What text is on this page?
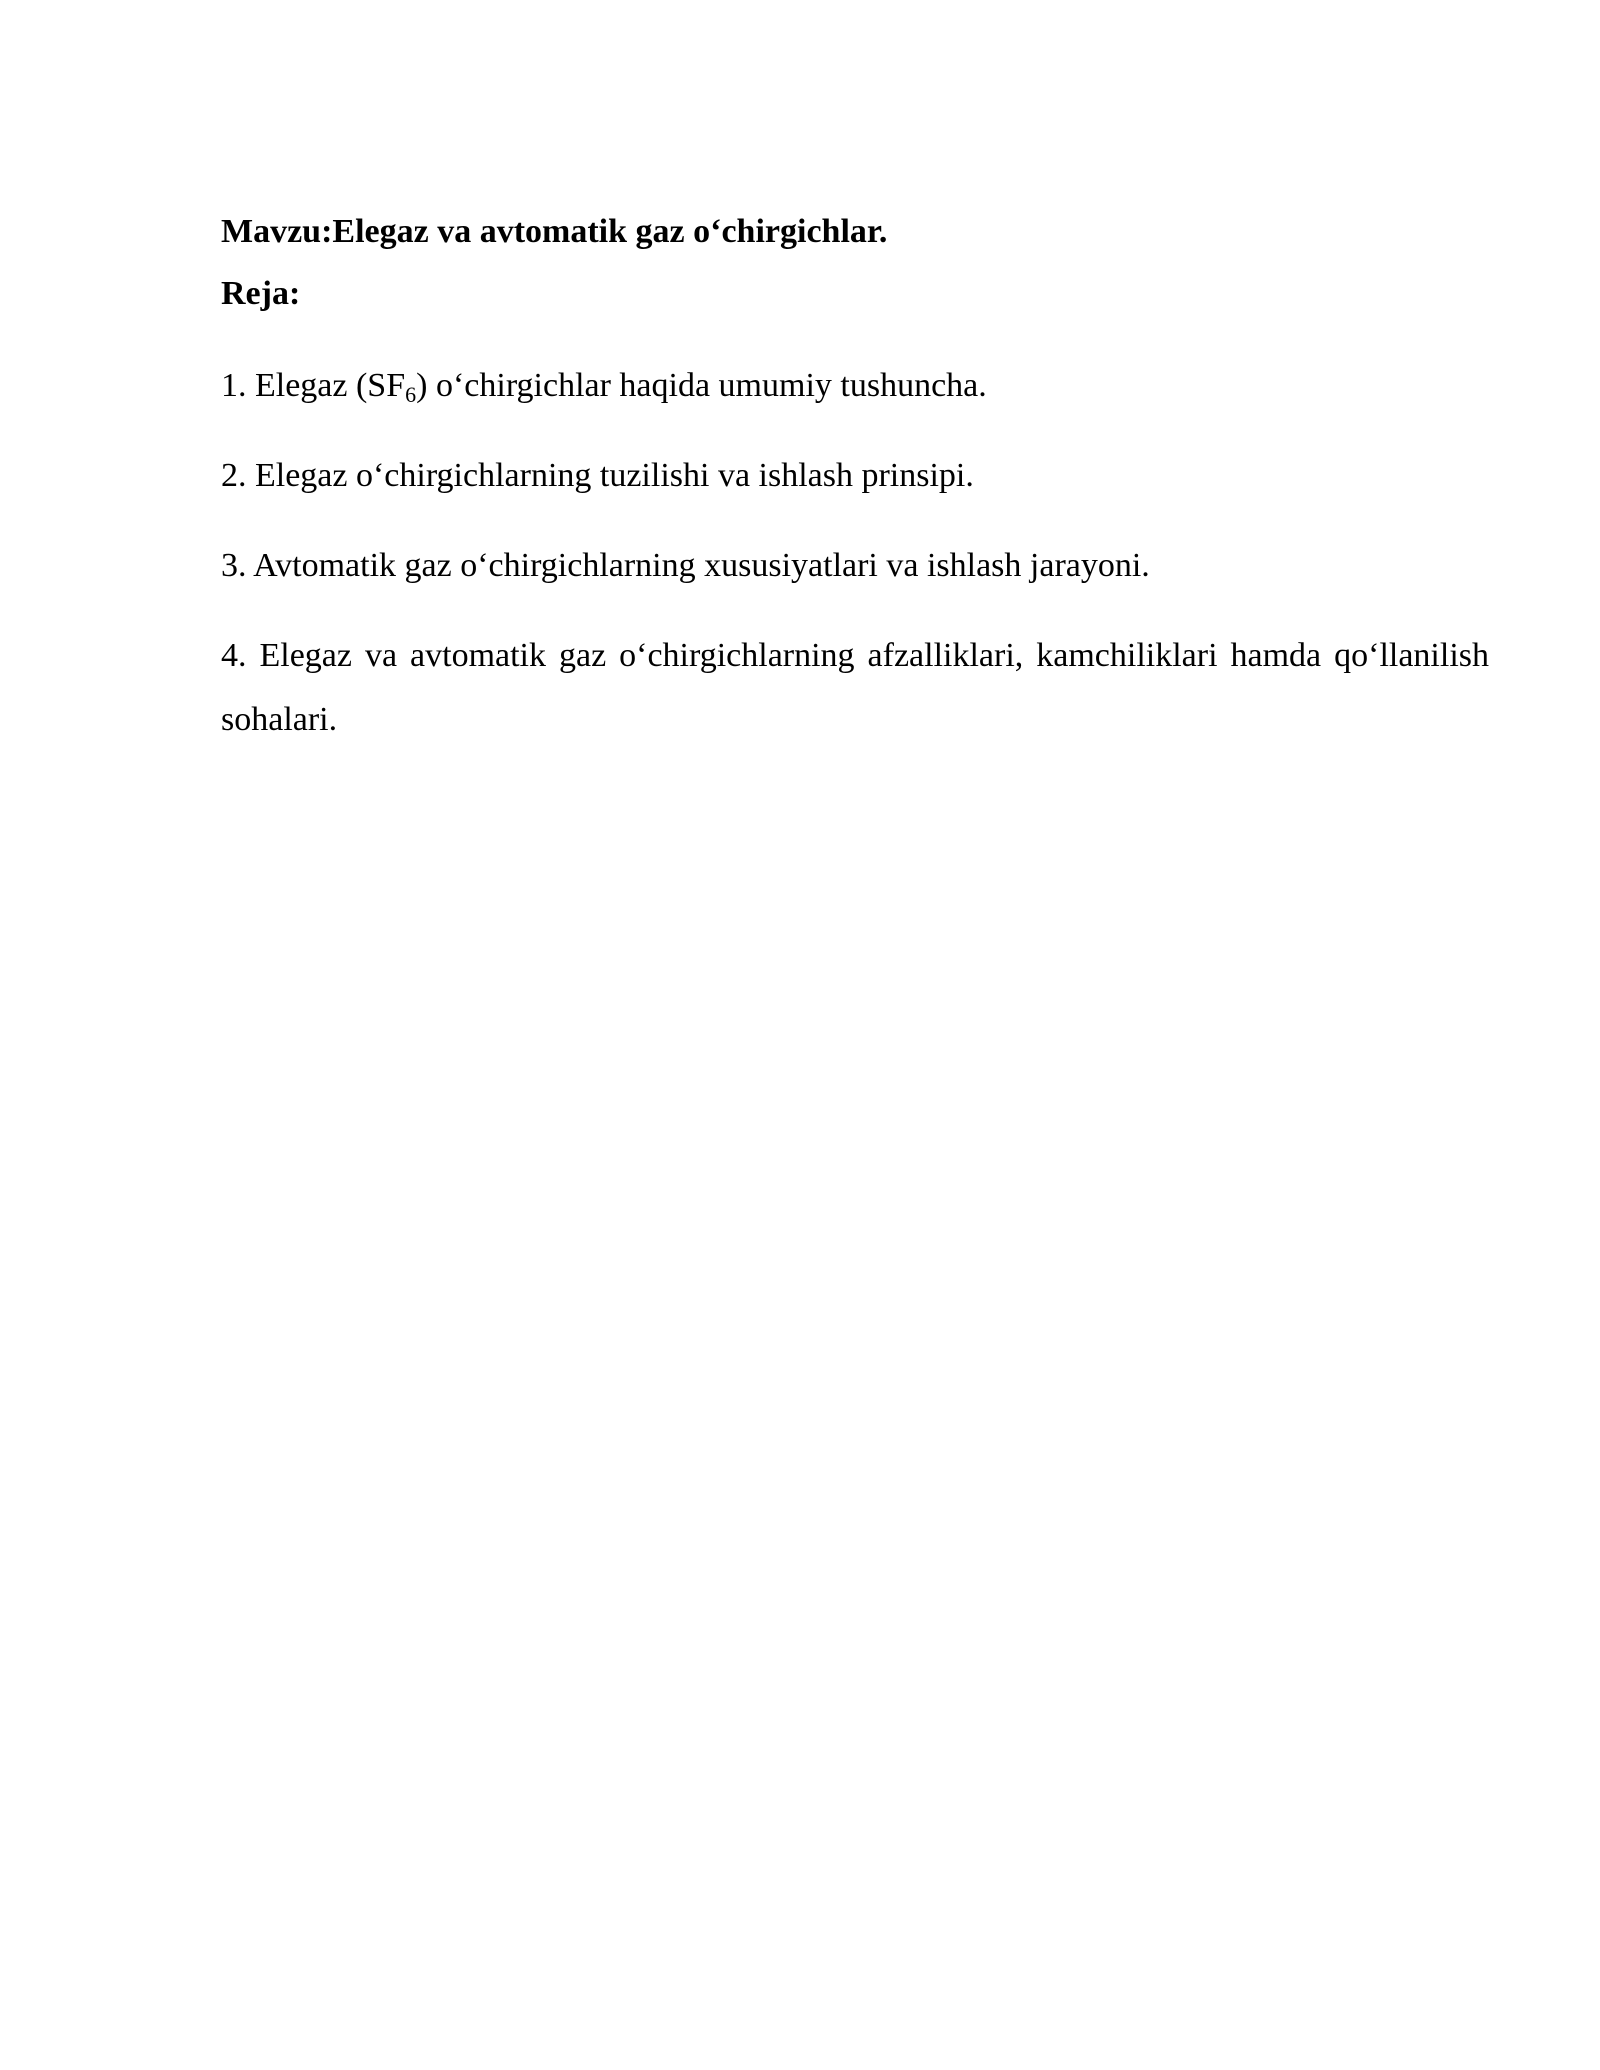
Mavzu:Elegaz va avtomatik gaz o‘chirgichlar.

Reja:

1. Elegaz $(SF_6)$ o‘chirgichlar haqida umumiy tushuncha.
2. Elegaz o‘chirgichlarning tuzilishi va ishlash prinsipi.
3. Avtomatik gaz o‘chirgichlarning xususiyatlari va ishlash jarayoni.
4. Elegaz va avtomatik gaz o‘chirgichlarning afzalliklari, kamchiliklari hamda qo‘llanilish sohalari.
